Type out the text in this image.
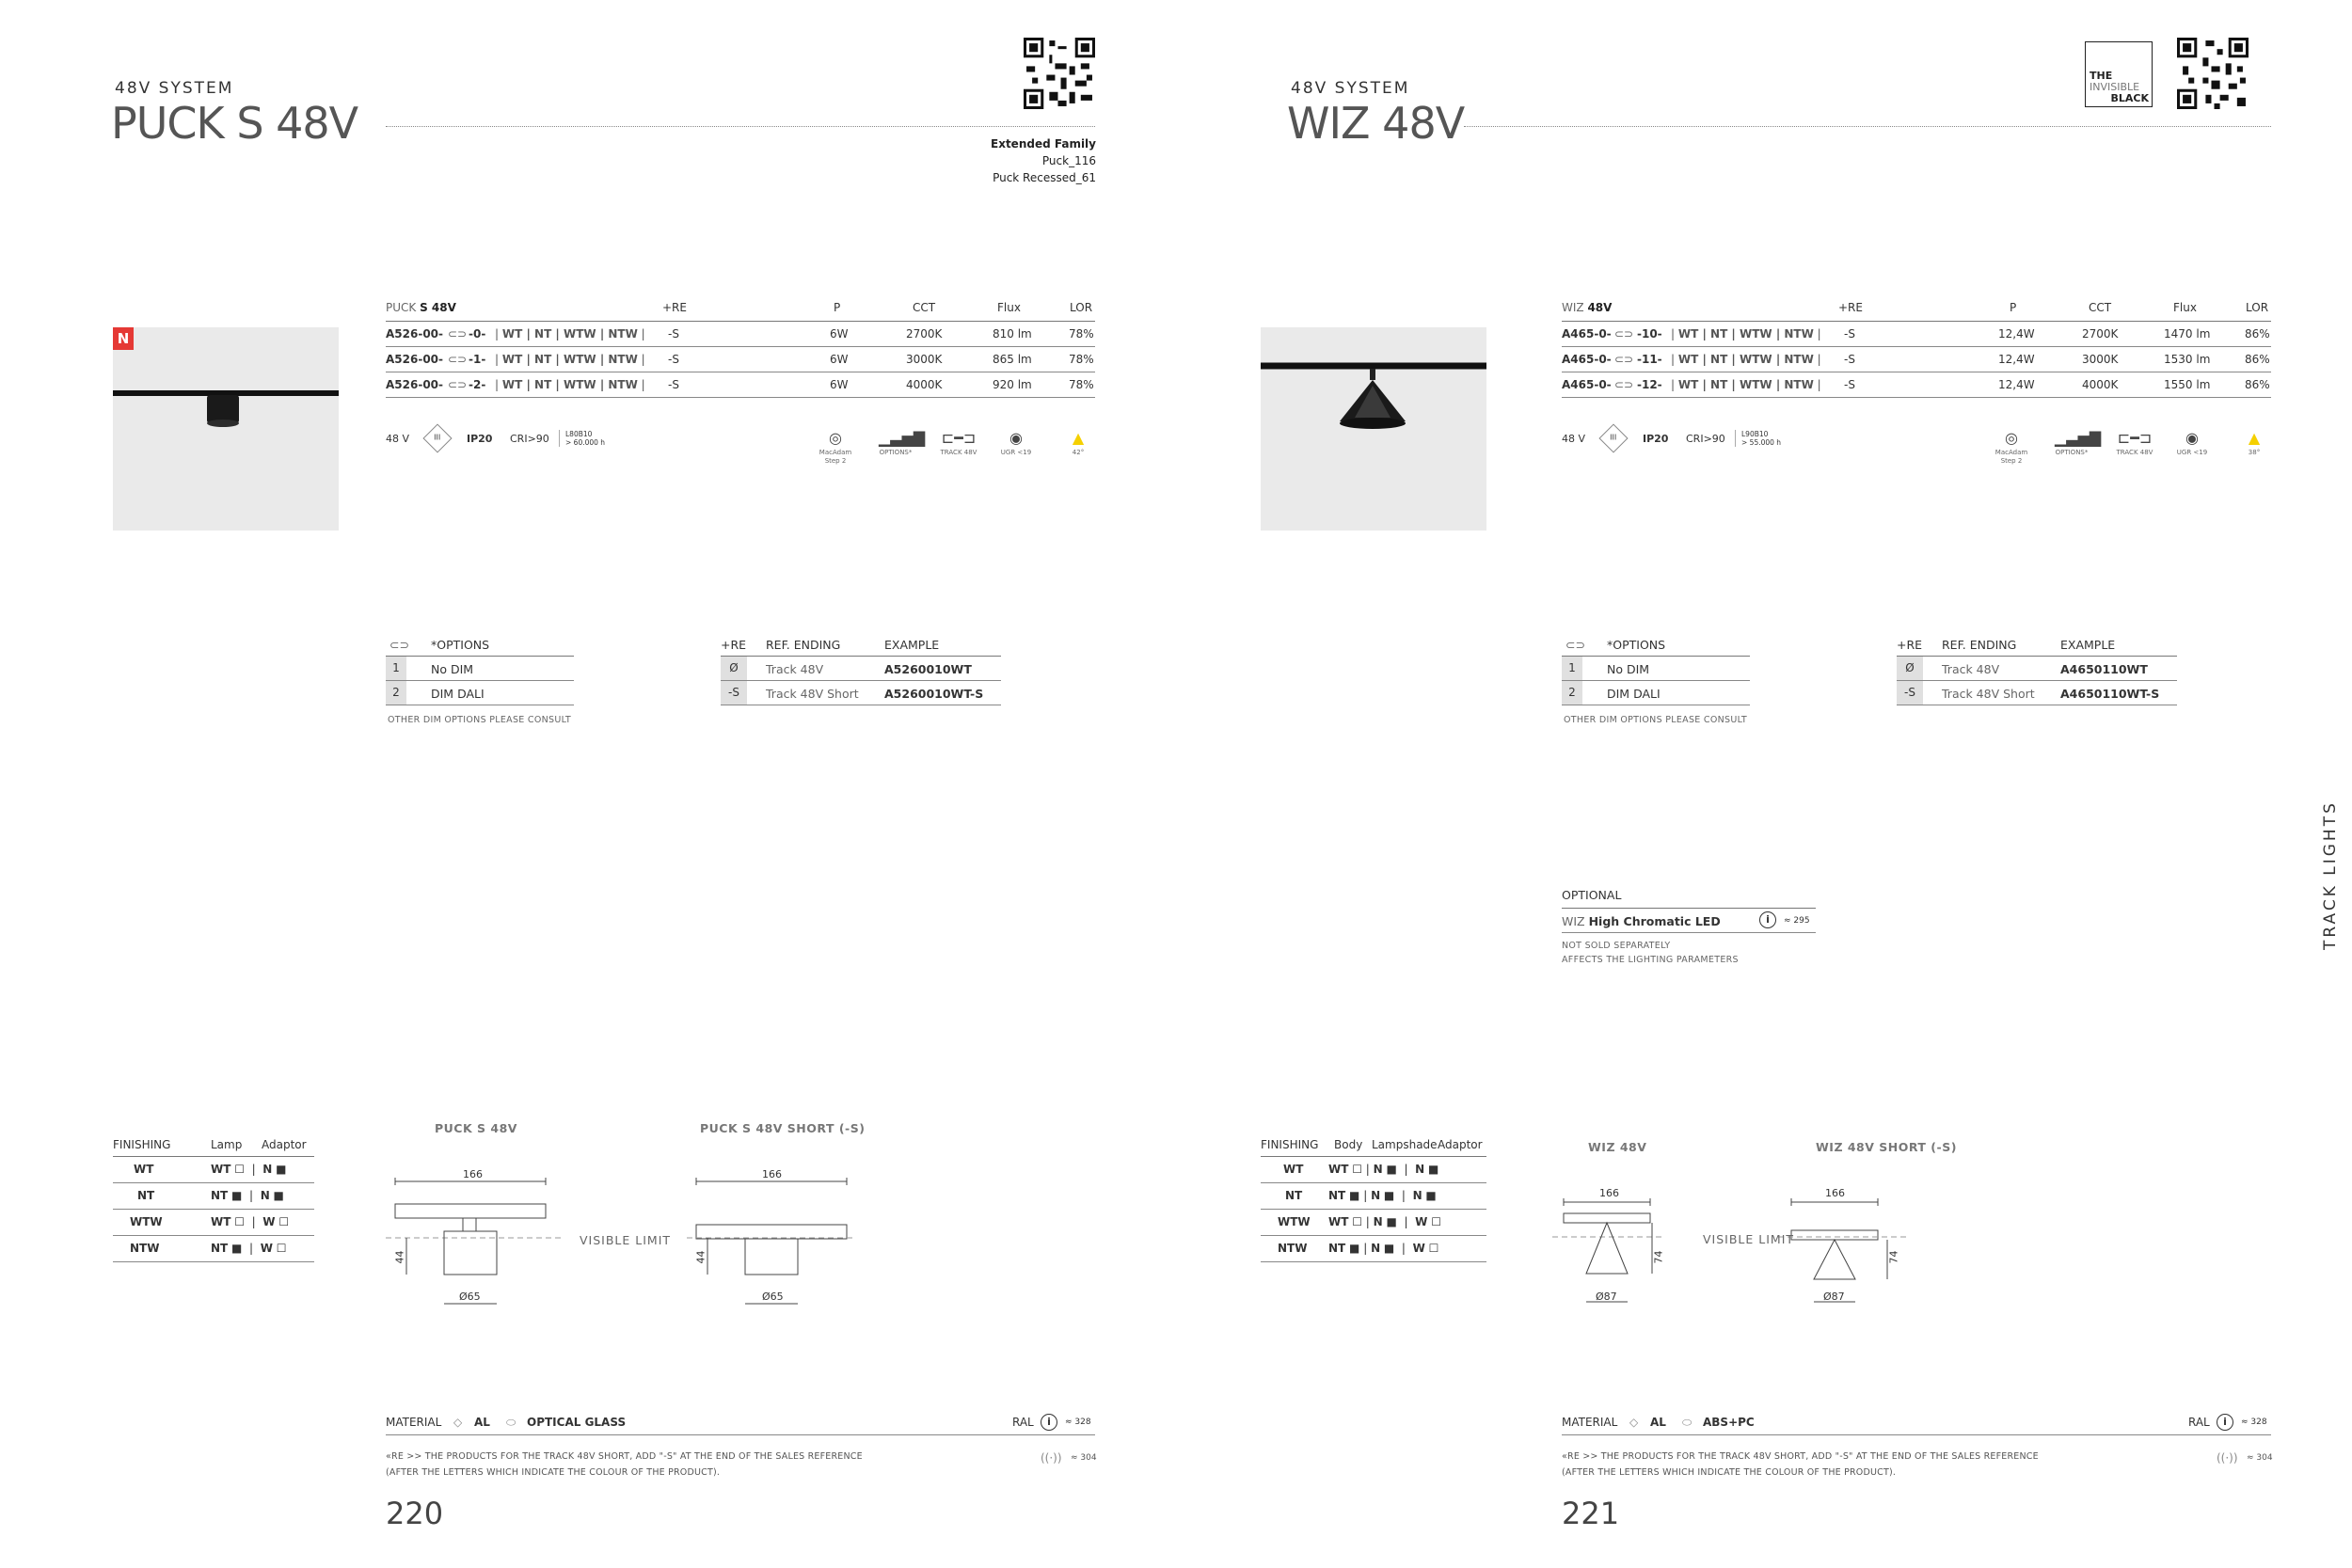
48V SYSTEM
PUCK S 48V	Extended Family
Puck_116
Puck Recessed_61
N
PUCK S 48V	+RE	P	CCT	Flux	LOR
A526-00- ⊂⊃ -0- | WT | NT | WTW | NTW | -S	6W	2700K	810 lm	78%
A526-00- ⊂⊃ -1- | WT | NT | WTW | NTW | -S	6W	3000K	865 lm	78%
A526-00- ⊂⊃ -2- | WT | NT | WTW | NTW | -S	6W	4000K	920 lm	78%
48 V	III	IP20 CRI>90	L80B10
> 60.000 h	◎
MacAdam Step 2
▁▃▅▇
OPTIONS*
⊏━⊐
TRACK 48V
◉
UGR <19
▲
42°
⊂⊃ *OPTIONS
1	No DIM
2	DIM DALI
OTHER DIM OPTIONS PLEASE CONSULT
+RE REF. ENDING	EXAMPLE
Ø	Track 48V	A5260010WT
-S	Track 48V Short A5260010WT-S
FINISHING	Lamp Adaptor
WT	WT ☐  |  N ■
NT	NT ■  |  N ■
WTW	WT ☐  |  W ☐
NTW	NT ■  |  W ☐
PUCK S 48V	PUCK S 48V SHORT (-S)
166
44
Ø65
166
44
Ø65
VISIBLE LIMIT
MATERIAL ◇ AL ⬭ OPTICAL GLASS	RAL	i	≈ 328
«RE >> THE PRODUCTS FOR THE TRACK 48V SHORT, ADD "-S" AT THE END OF THE SALES REFERENCE
(AFTER THE LETTERS WHICH INDICATE THE COLOUR OF THE PRODUCT).
((·)) ≈ 304
220
48V SYSTEM
WIZ 48V
THE
INVISIBLE
BLACK
WIZ 48V	+RE	P	CCT	Flux	LOR
A465-0- ⊂⊃ -10- | WT | NT | WTW | NTW | -S	12,4W	2700K	1470 lm	86%
A465-0- ⊂⊃ -11- | WT | NT | WTW | NTW | -S	12,4W	3000K	1530 lm	86%
A465-0- ⊂⊃ -12- | WT | NT | WTW | NTW | -S	12,4W	4000K	1550 lm	86%
48 V	III	IP20 CRI>90	L90B10
> 55.000 h	◎
MacAdam Step 2
▁▃▅▇
OPTIONS*
⊏━⊐
TRACK 48V
◉
UGR <19
▲
38°
⊂⊃ *OPTIONS
1	No DIM
2	DIM DALI
OTHER DIM OPTIONS PLEASE CONSULT
+RE REF. ENDING	EXAMPLE
Ø	Track 48V	A4650110WT
-S	Track 48V Short A4650110WT-S
OPTIONAL
WIZ High Chromatic LED	i	≈ 295
NOT SOLD SEPARATELY
AFFECTS THE LIGHTING PARAMETERS
FINISHING Body Lampshade Adaptor
WT WT ☐ | N ■  |  N ■
NT NT ■ | N ■  |  N ■
WTW WT ☐ | N ■  |  W ☐
NTW NT ■ | N ■  |  W ☐
WIZ 48V	WIZ 48V SHORT (-S)
166
74
Ø87
166
74
Ø87
VISIBLE LIMIT
MATERIAL ◇ AL ⬭ ABS+PC	RAL	i	≈ 328
«RE >> THE PRODUCTS FOR THE TRACK 48V SHORT, ADD "-S" AT THE END OF THE SALES REFERENCE
(AFTER THE LETTERS WHICH INDICATE THE COLOUR OF THE PRODUCT).
((·)) ≈ 304
221
TRACK LIGHTS
